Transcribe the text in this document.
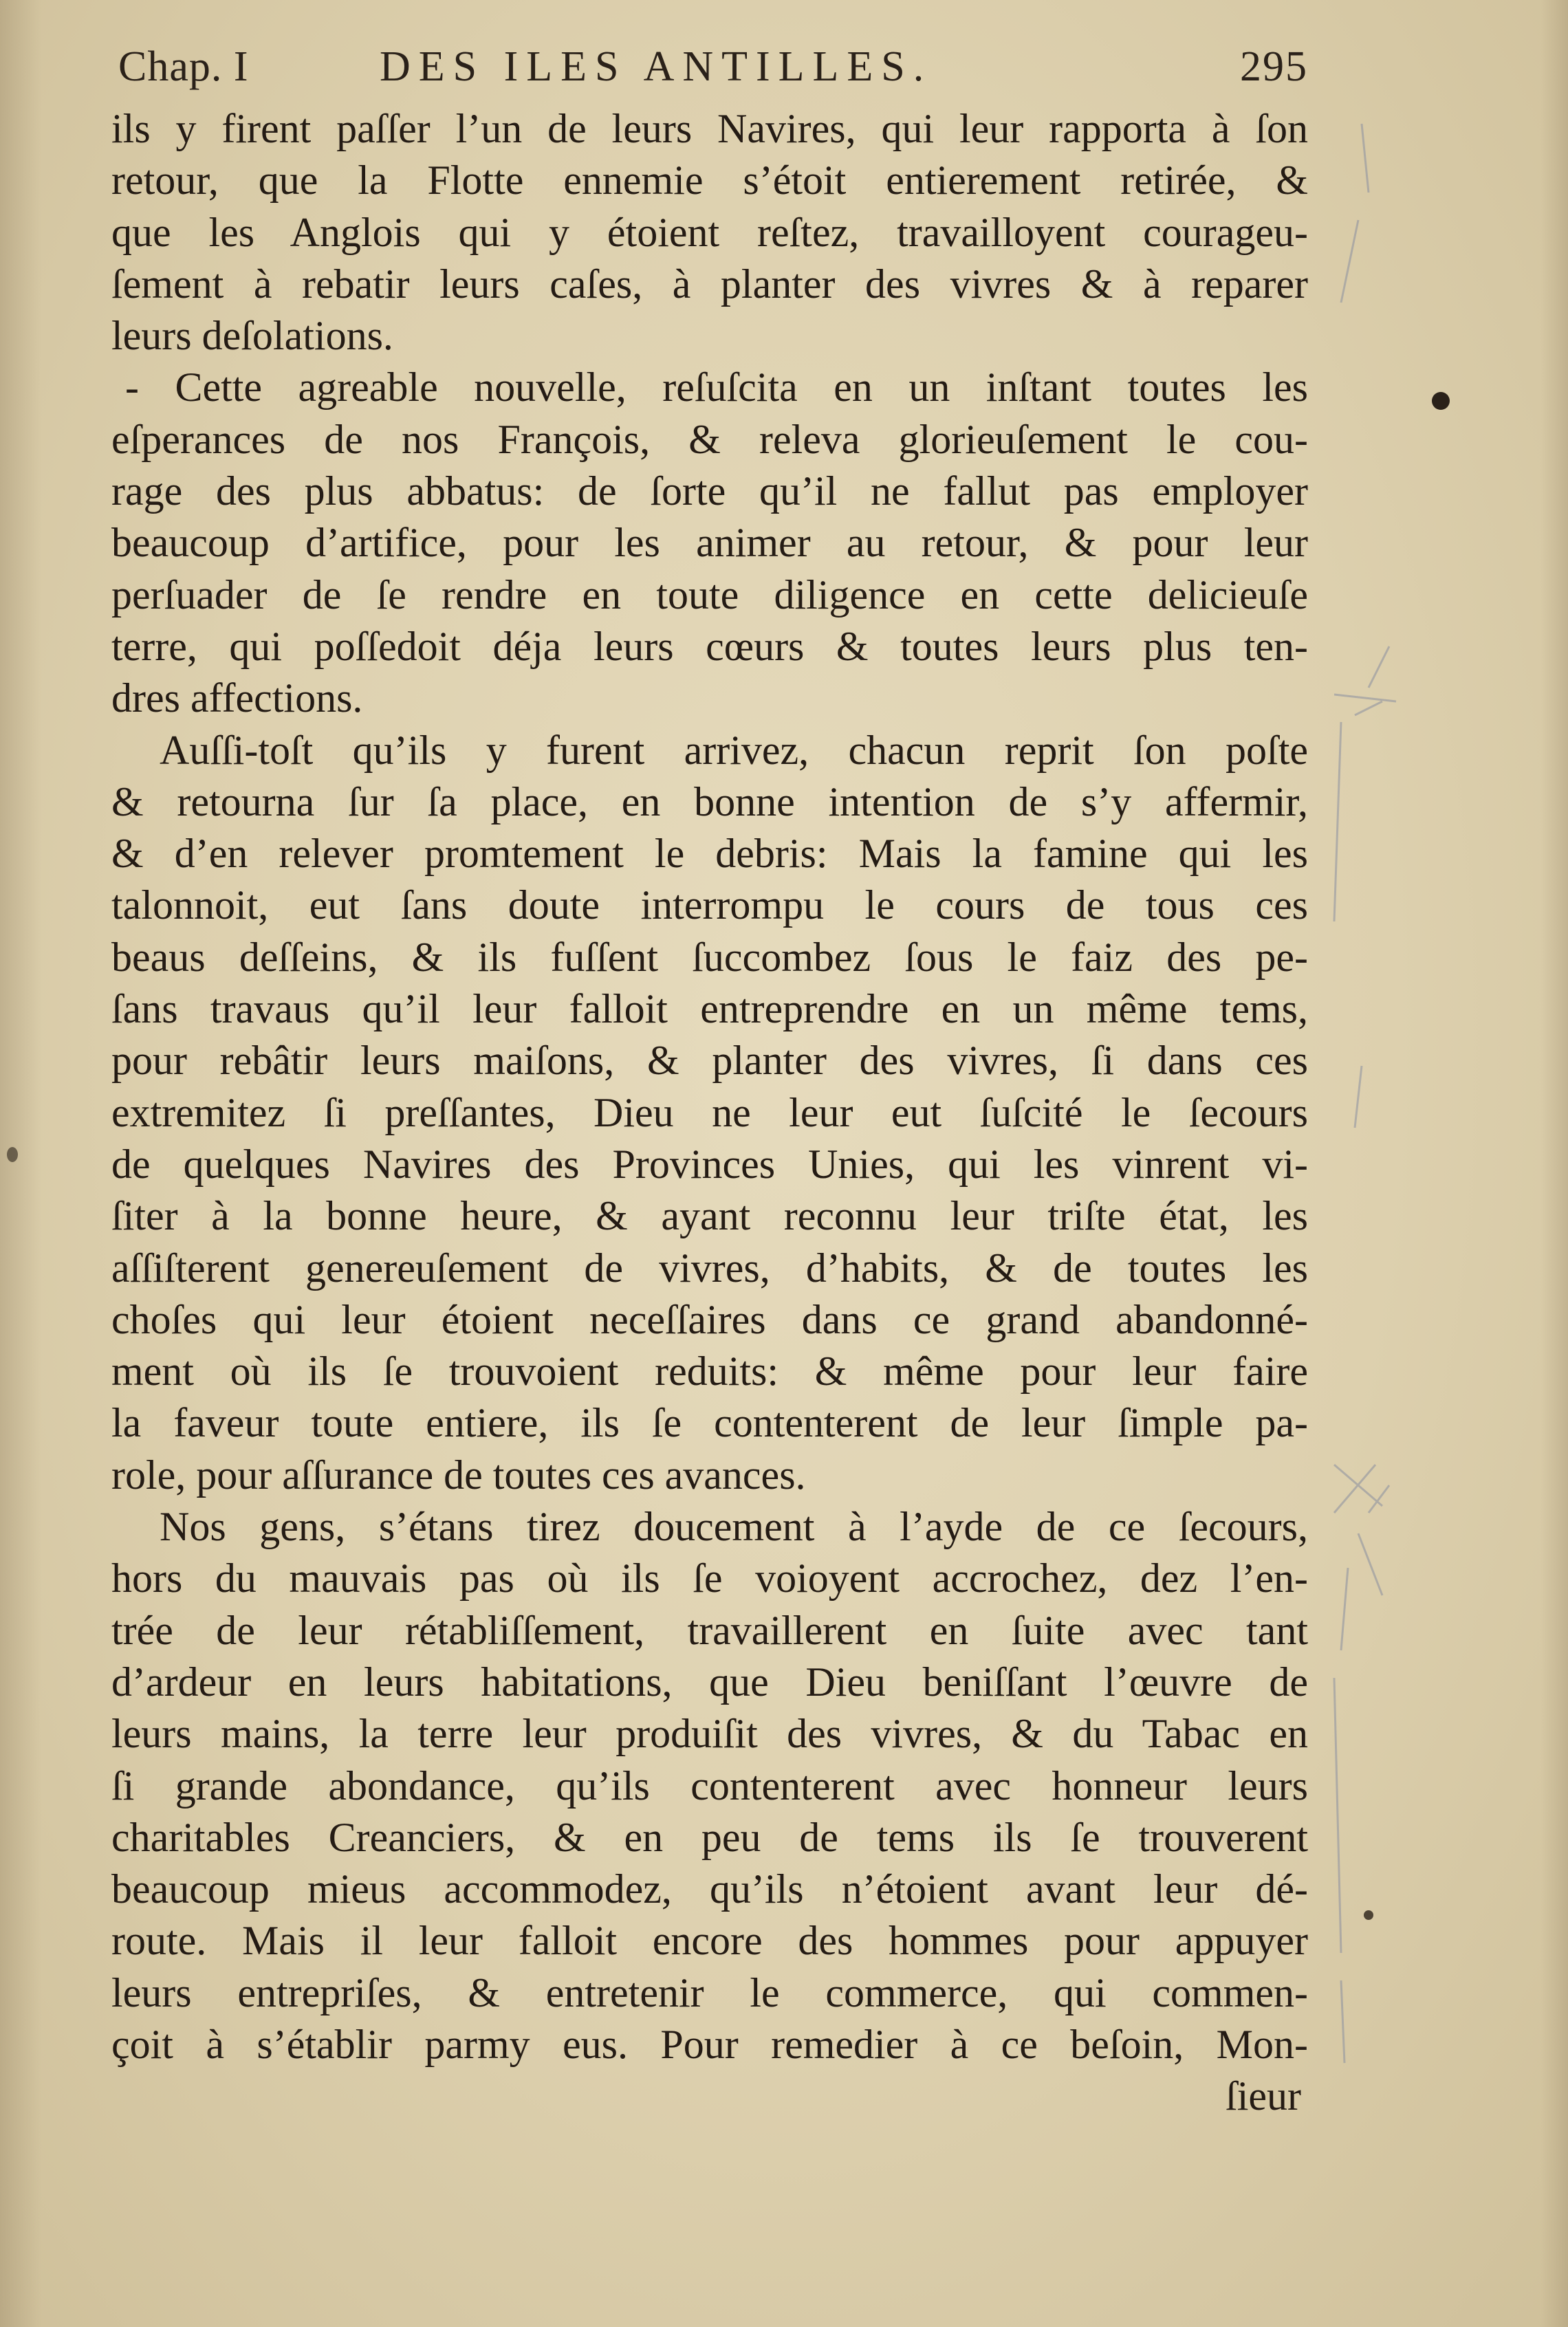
Chap. I	DES ILES ANTILLES.	295
ils y firent paſſer l’un de leurs Navires, qui leur rapporta à ſon
retour, que la Flotte ennemie s’étoit entierement retirée, &
que les Anglois qui y étoient reſtez, travailloyent courageu-
ſement à rebatir leurs caſes, à planter des vivres & à reparer
leurs deſolations.
- Cette agreable nouvelle, reſuſcita en un inſtant toutes les
eſperances de nos François, & releva glorieuſement le cou-
rage des plus abbatus: de ſorte qu’il ne fallut pas employer
beaucoup d’artifice, pour les animer au retour, & pour leur
perſuader de ſe rendre en toute diligence en cette delicieuſe
terre, qui poſſedoit déja leurs cœurs & toutes leurs plus ten-
dres affections.
Auſſi-toſt qu’ils y furent arrivez, chacun reprit ſon poſte
& retourna ſur ſa place, en bonne intention de s’y affermir,
& d’en relever promtement le debris: Mais la famine qui les
talonnoit, eut ſans doute interrompu le cours de tous ces
beaus deſſeins, & ils fuſſent ſuccombez ſous le faiz des pe-
ſans travaus qu’il leur falloit entreprendre en un même tems,
pour rebâtir leurs maiſons, & planter des vivres, ſi dans ces
extremitez ſi preſſantes, Dieu ne leur eut ſuſcité le ſecours
de quelques Navires des Provinces Unies, qui les vinrent vi-
ſiter à la bonne heure, & ayant reconnu leur triſte état, les
aſſiſterent genereuſement de vivres, d’habits, & de toutes les
choſes qui leur étoient neceſſaires dans ce grand abandonné-
ment où ils ſe trouvoient reduits: & même pour leur faire
la faveur toute entiere, ils ſe contenterent de leur ſimple pa-
role, pour aſſurance de toutes ces avances.
Nos gens, s’étans tirez doucement à l’ayde de ce ſecours,
hors du mauvais pas où ils ſe voioyent accrochez, dez l’en-
trée de leur rétabliſſement, travaillerent en ſuite avec tant
d’ardeur en leurs habitations, que Dieu beniſſant l’œuvre de
leurs mains, la terre leur produiſit des vivres, & du Tabac en
ſi grande abondance, qu’ils contenterent avec honneur leurs
charitables Creanciers, & en peu de tems ils ſe trouverent
beaucoup mieus accommodez, qu’ils n’étoient avant leur dé-
route. Mais il leur falloit encore des hommes pour appuyer
leurs entrepriſes, & entretenir le commerce, qui commen-
çoit à s’établir parmy eus. Pour remedier à ce beſoin, Mon-
ſieur
